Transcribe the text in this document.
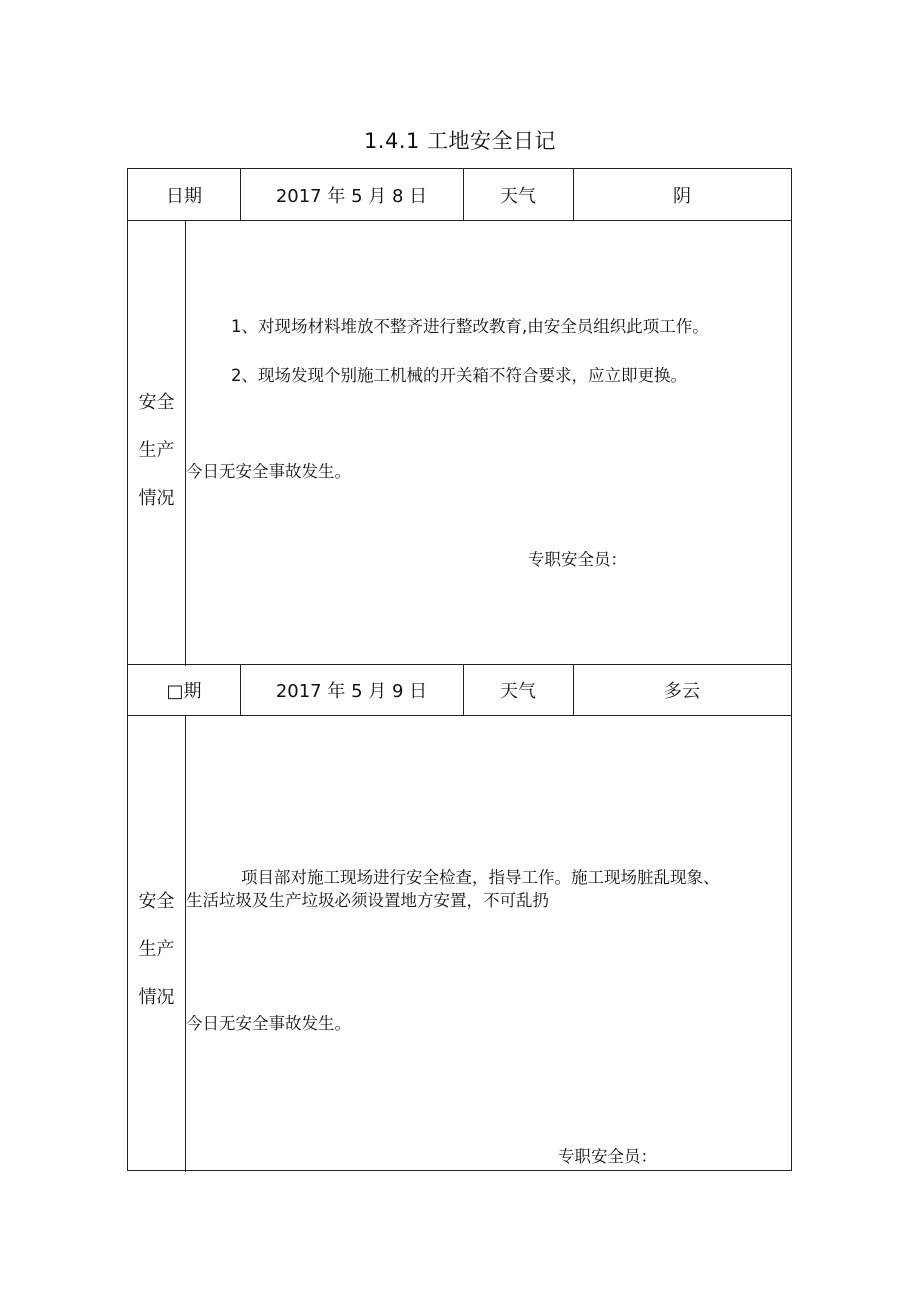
1.4.1 工地安全日记
日期	2017 年 5 月 8 日	天气	阴
安全
生产
情况
1、对现场材料堆放不整齐进行整改教育,由安全员组织此项工作。
2、现场发现个别施工机械的开关箱不符合要求，应立即更换。
今日无安全事故发生。
专职安全员：
□期	2017 年 5 月 9 日	天气	多云
安全
生产
情况
项目部对施工现场进行安全检查，指导工作。施工现场脏乱现象、
生活垃圾及生产垃圾必须设置地方安置，不可乱扔
今日无安全事故发生。
专职安全员：
